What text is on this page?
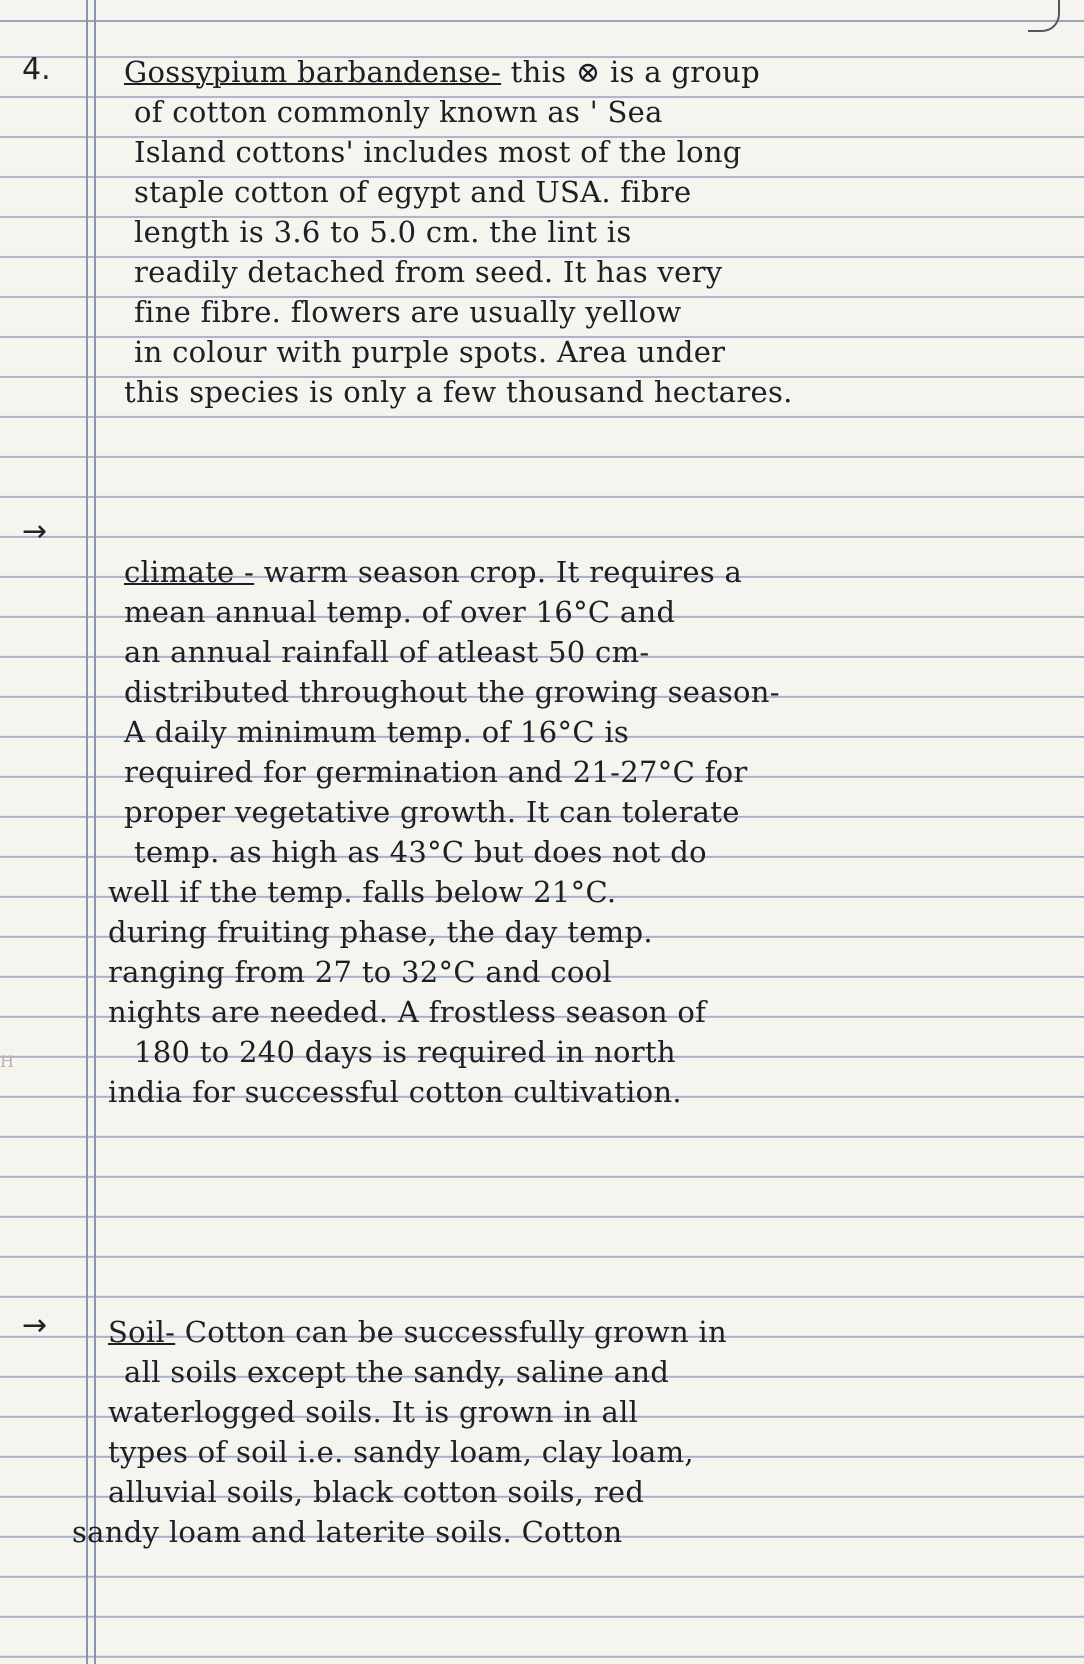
4.
→
→
H
Gossypium barbandense- this ⊗ is a group
of cotton commonly known as ' Sea
Island cottons' includes most of the long
staple cotton of egypt and USA. fibre
length is 3.6 to 5.0 cm. the lint is
readily detached from seed. It has very
fine fibre. flowers are usually yellow
in colour with purple spots. Area under
this species is only a few thousand hectares.
climate - warm season crop. It requires a
mean annual temp. of over 16°C and
an annual rainfall of atleast 50 cm-
distributed throughout the growing season-
A daily minimum temp. of 16°C is
required for germination and 21-27°C for
proper vegetative growth. It can tolerate
temp. as high as 43°C but does not do
well if the temp. falls below 21°C.
during fruiting phase, the day temp.
ranging from 27 to 32°C and cool
nights are needed. A frostless season of
180 to 240 days is required in north
india for successful cotton cultivation.
Soil- Cotton can be successfully grown in
all soils except the sandy, saline and
waterlogged soils. It is grown in all
types of soil i.e. sandy loam, clay loam,
alluvial soils, black cotton soils, red
sandy loam and laterite soils. Cotton
